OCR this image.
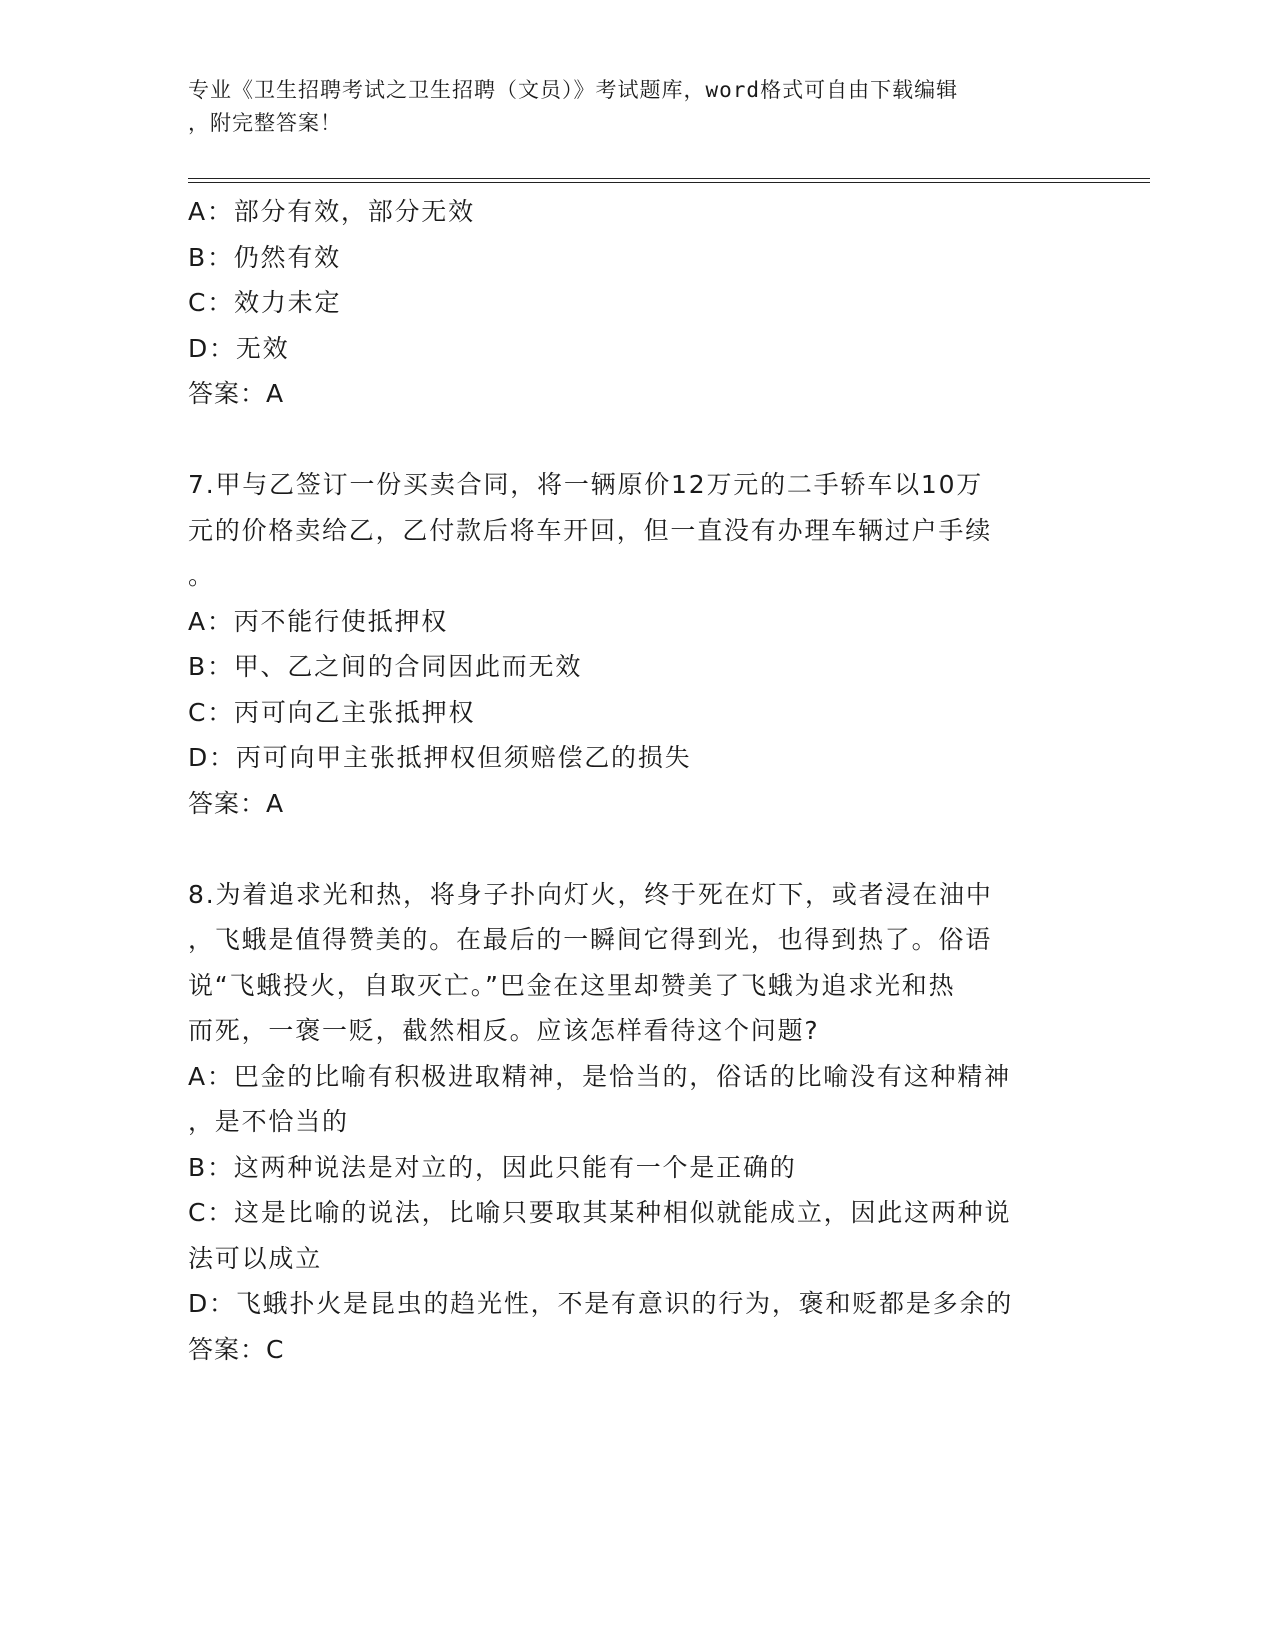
专业《卫生招聘考试之卫生招聘（文员）》考试题库，word格式可自由下载编辑
，附完整答案！
A：部分有效，部分无效
B：仍然有效
C：效力未定
D：无效
答案：A
7.甲与乙签订一份买卖合同，将一辆原价12万元的二手轿车以10万
元的价格卖给乙，乙付款后将车开回，但一直没有办理车辆过户手续
。
A：丙不能行使抵押权
B：甲、乙之间的合同因此而无效
C：丙可向乙主张抵押权
D：丙可向甲主张抵押权但须赔偿乙的损失
答案：A
8.为着追求光和热，将身子扑向灯火，终于死在灯下，或者浸在油中
，飞蛾是值得赞美的。在最后的一瞬间它得到光，也得到热了。俗语
说“飞蛾投火，自取灭亡。”巴金在这里却赞美了飞蛾为追求光和热
而死，一褒一贬，截然相反。应该怎样看待这个问题?
A：巴金的比喻有积极进取精神，是恰当的，俗话的比喻没有这种精神
，是不恰当的
B：这两种说法是对立的，因此只能有一个是正确的
C：这是比喻的说法，比喻只要取其某种相似就能成立，因此这两种说
法可以成立
D：飞蛾扑火是昆虫的趋光性，不是有意识的行为，褒和贬都是多余的
答案：C
